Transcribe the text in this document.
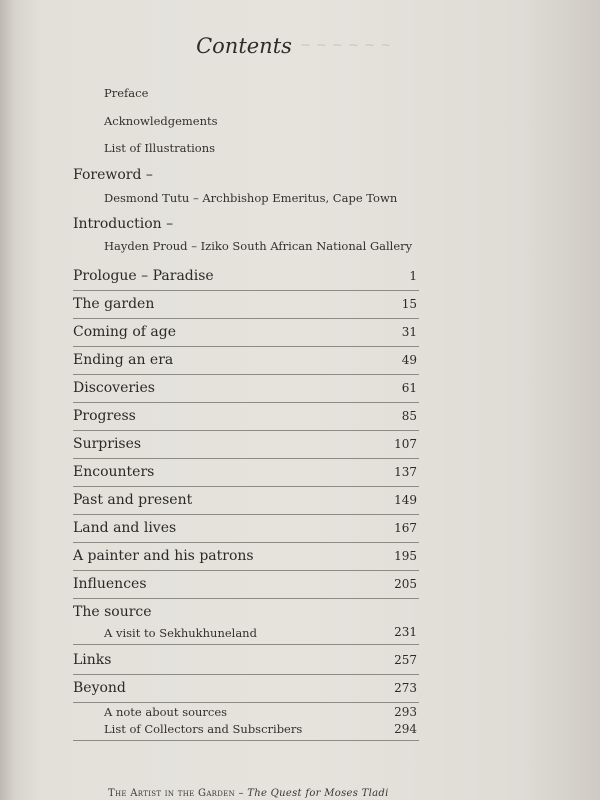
~ ~ ~ ~ ~ ~
Contents
Preface
Acknowledgements
List of Illustrations
Foreword –
Desmond Tutu – Archbishop Emeritus, Cape Town
Introduction –
Hayden Proud – Iziko South African National Gallery
Prologue – Paradise	1
The garden	15
Coming of age	31
Ending an era	49
Discoveries	61
Progress	85
Surprises	107
Encounters	137
Past and present	149
Land and lives	167
A painter and his patrons	195
Influences	205
The source
A visit to Sekhukhuneland	231
Links	257
Beyond	273
A note about sources	293
List of Collectors and Subscribers	294
The Artist in the Garden – The Quest for Moses Tladi
